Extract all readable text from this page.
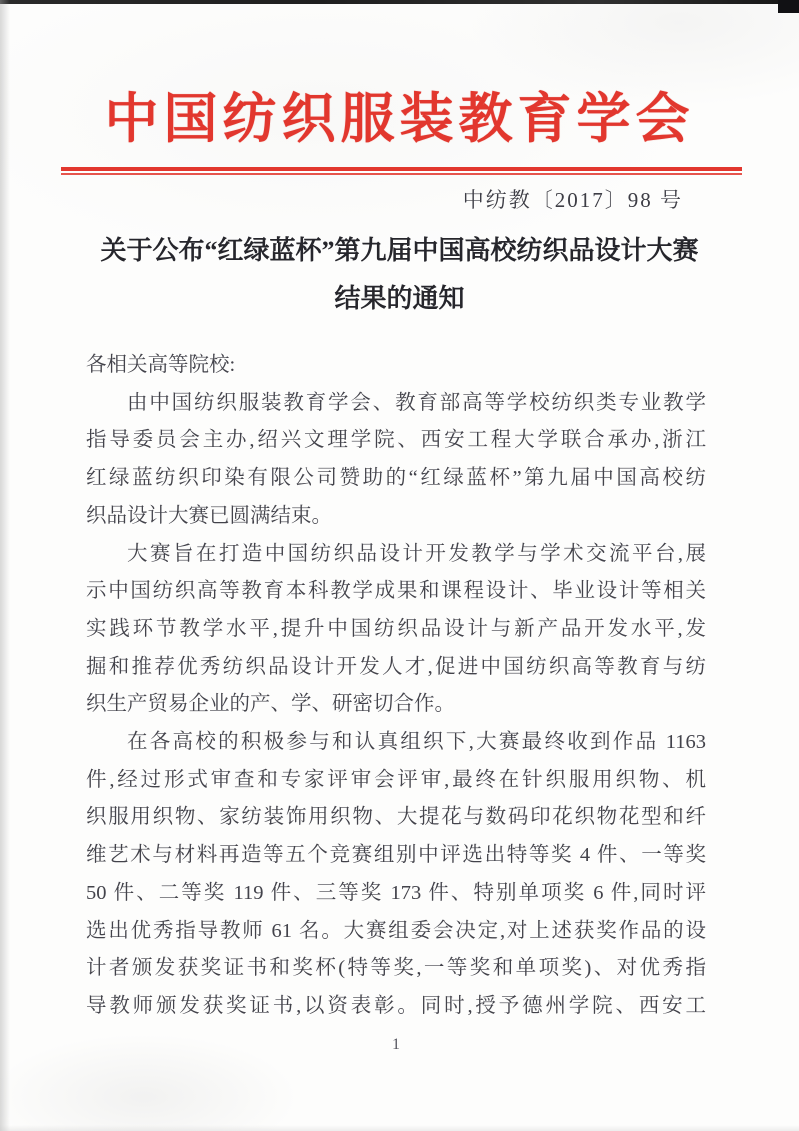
中国纺织服装教育学会
中纺教〔2017〕98 号
关于公布“红绿蓝杯”第九届中国高校纺织品设计大赛
结果的通知
各相关高等院校:
由中国纺织服装教育学会、教育部高等学校纺织类专业教学
指导委员会主办,绍兴文理学院、西安工程大学联合承办,浙江
红绿蓝纺织印染有限公司赞助的“红绿蓝杯”第九届中国高校纺
织品设计大赛已圆满结束。
大赛旨在打造中国纺织品设计开发教学与学术交流平台,展
示中国纺织高等教育本科教学成果和课程设计、毕业设计等相关
实践环节教学水平,提升中国纺织品设计与新产品开发水平,发
掘和推荐优秀纺织品设计开发人才,促进中国纺织高等教育与纺
织生产贸易企业的产、学、研密切合作。
在各高校的积极参与和认真组织下,大赛最终收到作品 1163
件,经过形式审查和专家评审会评审,最终在针织服用织物、机
织服用织物、家纺装饰用织物、大提花与数码印花织物花型和纤
维艺术与材料再造等五个竞赛组别中评选出特等奖 4 件、一等奖
50 件、二等奖 119 件、三等奖 173 件、特别单项奖 6 件,同时评
选出优秀指导教师 61 名。大赛组委会决定,对上述获奖作品的设
计者颁发获奖证书和奖杯(特等奖,一等奖和单项奖)、对优秀指
导教师颁发获奖证书,以资表彰。同时,授予德州学院、西安工
1
